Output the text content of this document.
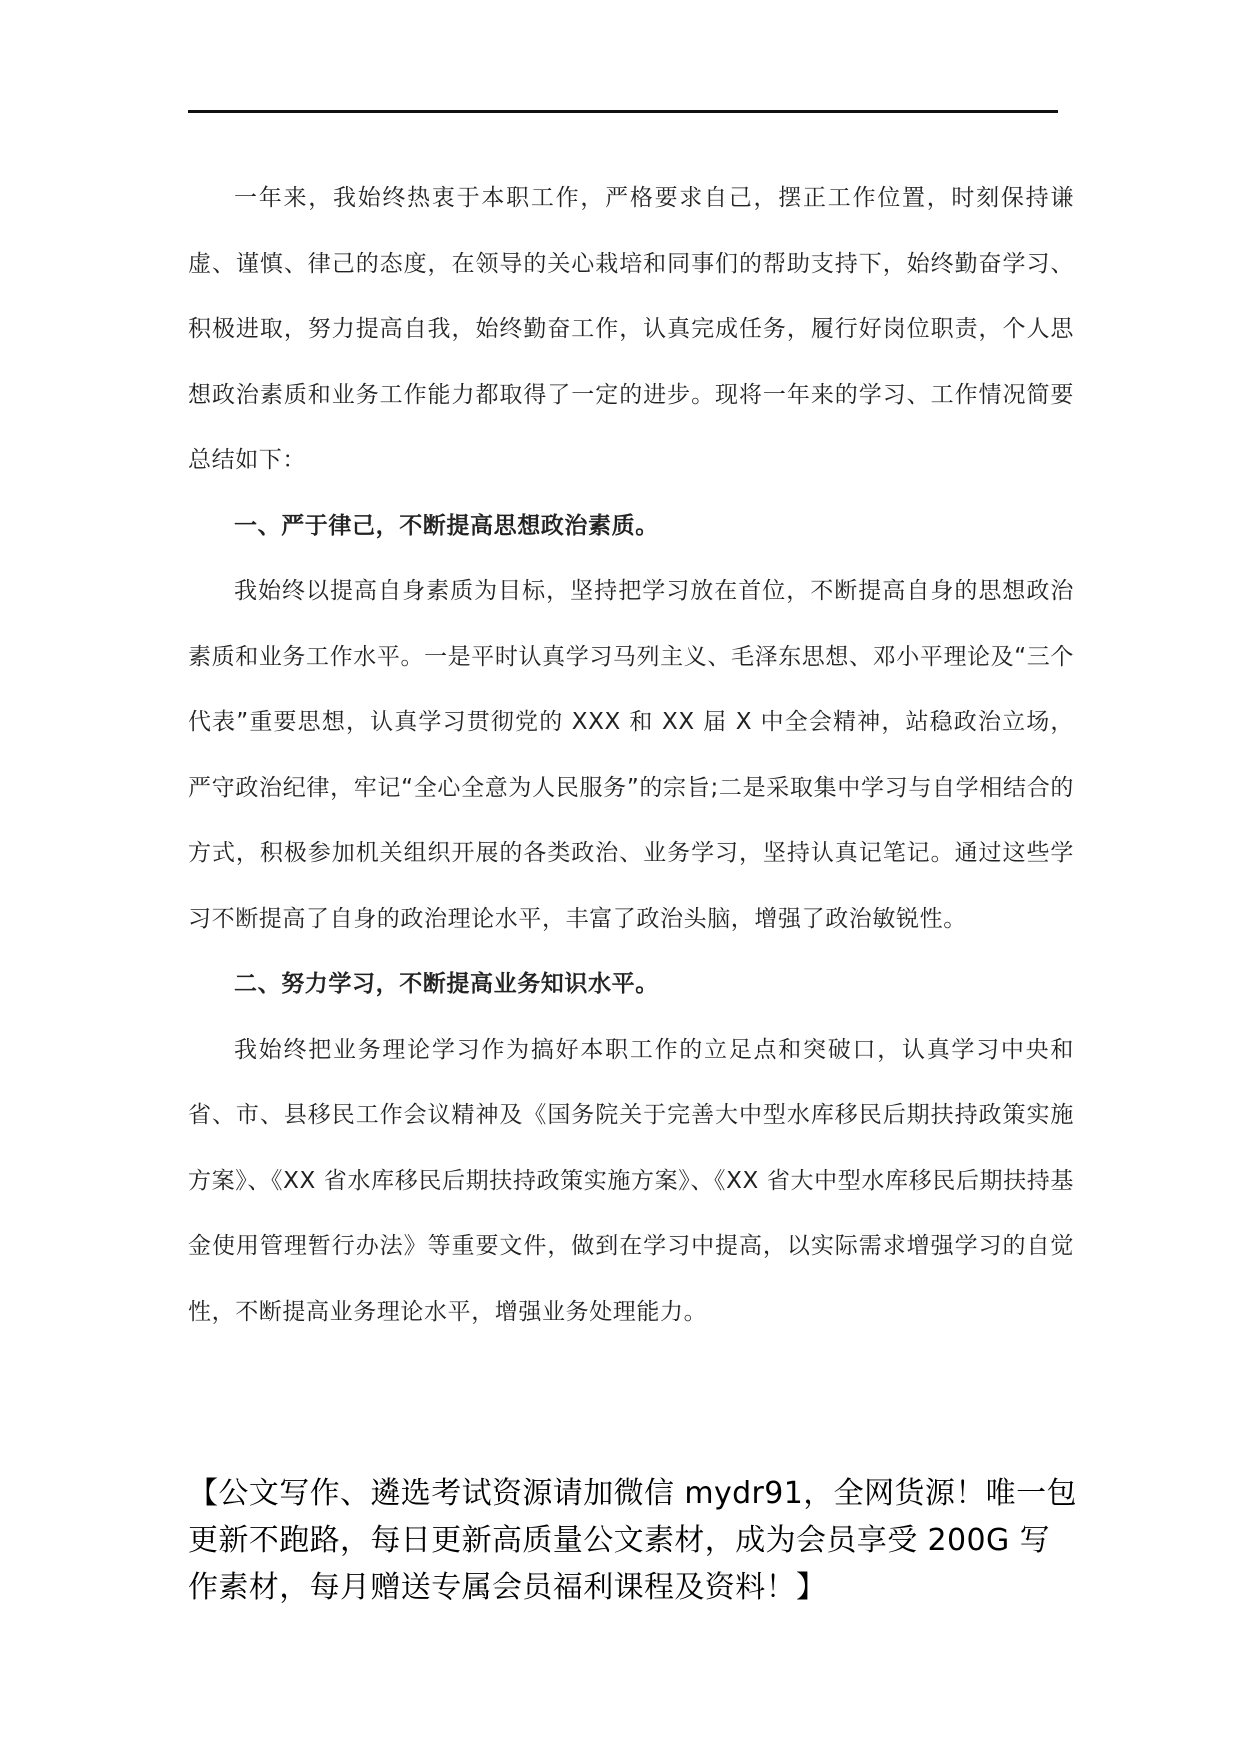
一年来，我始终热衷于本职工作，严格要求自己，摆正工作位置，时刻保持谦虚、谨慎、律己的态度，在领导的关心栽培和同事们的帮助支持下，始终勤奋学习、积极进取，努力提高自我，始终勤奋工作，认真完成任务，履行好岗位职责，个人思想政治素质和业务工作能力都取得了一定的进步。现将一年来的学习、工作情况简要总结如下：

一、严于律己，不断提高思想政治素质。

我始终以提高自身素质为目标，坚持把学习放在首位，不断提高自身的思想政治素质和业务工作水平。一是平时认真学习马列主义、毛泽东思想、邓小平理论及“三个代表”重要思想，认真学习贯彻党的 XXX 和 XX 届 X 中全会精神，站稳政治立场，严守政治纪律，牢记“全心全意为人民服务”的宗旨;二是采取集中学习与自学相结合的方式，积极参加机关组织开展的各类政治、业务学习，坚持认真记笔记。通过这些学习不断提高了自身的政治理论水平，丰富了政治头脑，增强了政治敏锐性。

二、努力学习，不断提高业务知识水平。

我始终把业务理论学习作为搞好本职工作的立足点和突破口，认真学习中央和省、市、县移民工作会议精神及《国务院关于完善大中型水库移民后期扶持政策实施方案》、《XX 省水库移民后期扶持政策实施方案》、《XX 省大中型水库移民后期扶持基金使用管理暂行办法》等重要文件，做到在学习中提高，以实际需求增强学习的自觉性，不断提高业务理论水平，增强业务处理能力。

【公文写作、遴选考试资源请加微信 mydr91，全网货源！唯一包更新不跑路，每日更新高质量公文素材，成为会员享受 200G 写作素材，每月赠送专属会员福利课程及资料！】
